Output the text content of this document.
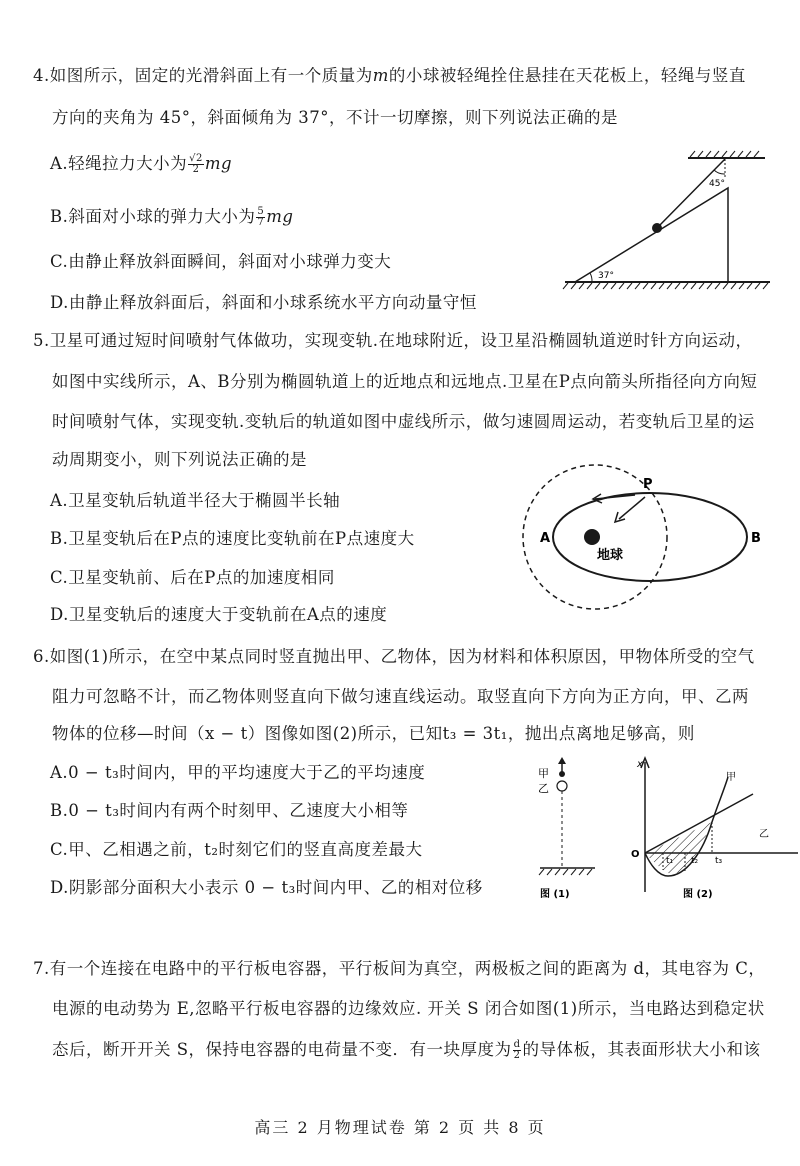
4.如图所示，固定的光滑斜面上有一个质量为m的小球被轻绳拴住悬挂在天花板上，轻绳与竖直
方向的夹角为 45°，斜面倾角为 37°，不计一切摩擦，则下列说法正确的是
A.轻绳拉力大小为 $\frac{√2}{2}$ mg
B.斜面对小球的弹力大小为 $\frac{5}{7}$ mg
C.由静止释放斜面瞬间，斜面对小球弹力变大
D.由静止释放斜面后，斜面和小球系统水平方向动量守恒
45°
37°
5.卫星可通过短时间喷射气体做功，实现变轨.在地球附近，设卫星沿椭圆轨道逆时针方向运动，
如图中实线所示，A、B分别为椭圆轨道上的近地点和远地点.卫星在P点向箭头所指径向方向短
时间喷射气体，实现变轨.变轨后的轨道如图中虚线所示，做匀速圆周运动，若变轨后卫星的运
动周期变小，则下列说法正确的是
A.卫星变轨后轨道半径大于椭圆半长轴
B.卫星变轨后在P点的速度比变轨前在P点速度大
C.卫星变轨前、后在P点的加速度相同
D.卫星变轨后的速度大于变轨前在A点的速度
P
A	B
地球
6.如图(1)所示，在空中某点同时竖直抛出甲、乙物体，因为材料和体积原因，甲物体所受的空气
阻力可忽略不计，而乙物体则竖直向下做匀速直线运动。取竖直向下方向为正方向，甲、乙两
物体的位移—时间（x − t）图像如图(2)所示，已知t₃ = 3t₁，抛出点离地足够高，则
A.0 − t₃时间内，甲的平均速度大于乙的平均速度
B.0 − t₃时间内有两个时刻甲、乙速度大小相等
C.甲、乙相遇之前，t₂时刻它们的竖直高度差最大
D.阴影部分面积大小表示 0 − t₃时间内甲、乙的相对位移
甲
乙
图 (1)
x
甲
乙
O
t₁ t₂ t₃
图 (2)
7.有一个连接在电路中的平行板电容器，平行板间为真空，两极板之间的距离为 d，其电容为 C，
电源的电动势为 E,忽略平行板电容器的边缘效应. 开关 S 闭合如图(1)所示，当电路达到稳定状
态后，断开开关 S，保持电容器的电荷量不变．有一块厚度为 $\frac{d}{2}$ 的导体板，其表面形状大小和该
高三 2 月物理试卷 第 2 页 共 8 页
